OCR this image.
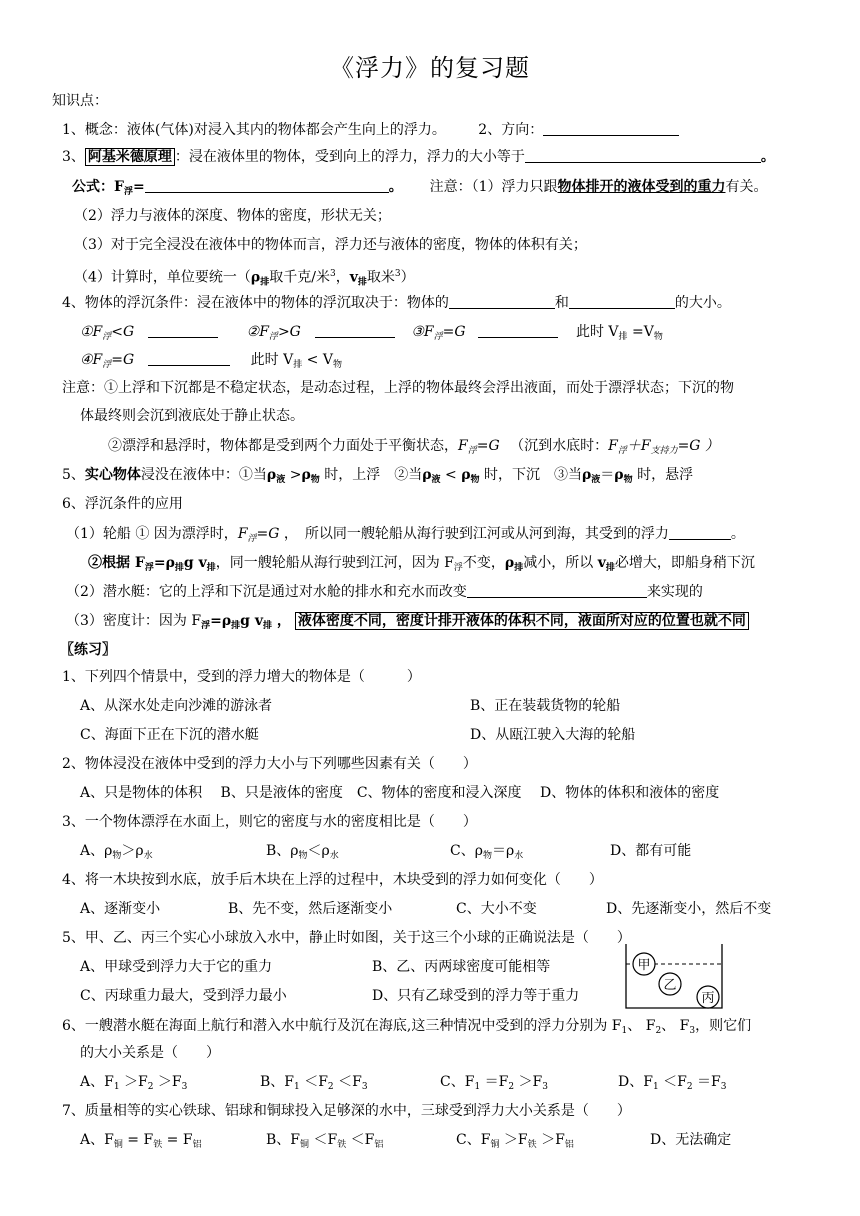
《浮力》的复习题
知识点：
1、概念：液体(气体)对浸入其内的物体都会产生向上的浮力。 2、方向：
3、 阿基米德原理 ：浸在液体里的物体，受到向上的浮力，浮力的大小等于	。
公式：$F_浮=$	。 注意：（1）浮力只跟物体排开的液体受到的重力有关。
（2）浮力与液体的深度、物体的密度，形状无关；
（3）对于完全浸没在液体中的物体而言，浮力还与液体的密度，物体的体积有关；
（4）计算时，单位要统一（$\rho_排$取千克/米$^3$，$v_排$取米$^3$）
4、物体的浮沉条件：浸在液体中的物体的浮沉取决于：物体的	和	的大小。
$①F_浮<G$	$②F_浮>G$	$③F_浮=G$	此时 $V_排 =V_物$
$④F_浮=G$	此时 $V_排 < V_物$
注意：①上浮和下沉都是不稳定状态，是动态过程，上浮的物体最终会浮出液面，而处于漂浮状态；下沉的物
体最终则会沉到液底处于静止状态。
②漂浮和悬浮时，物体都是受到两个力面处于平衡状态，$F_浮=G$ （沉到水底时：$F_浮+F_{支持力}=G$ ）
5、实心物体浸没在液体中：①当$\rho_液 >\rho_物$ 时，上浮　②当$\rho_液 < \rho_物$ 时，下沉　③当$\rho_液=\rho_物$ 时，悬浮
6、浮沉条件的应用
（1）轮船 ① 因为漂浮时，$F_浮=G$ ，　所以同一艘轮船从海行驶到江河或从河到海，其受到的浮力	。
②根据 $F_浮=\rho_排g$ $v_排$，同一艘轮船从海行驶到江河，因为 $F_浮$不变，$\rho_排$减小，所以 $v_排$必增大，即船身稍下沉
（2）潜水艇：它的上浮和下沉是通过对水舱的排水和充水而改变	来实现的
（3）密度计：因为 $F_浮=\rho_排g$ $v_排$ ， 液体密度不同，密度计排开液体的体积不同，液面所对应的位置也就不同
〖练习〗
1、下列四个情景中，受到的浮力增大的物体是（　　　）
A、从深水处走向沙滩的游泳者	B、正在装载货物的轮船
C、海面下正在下沉的潜水艇	D、从瓯江驶入大海的轮船
2、物体浸没在液体中受到的浮力大小与下列哪些因素有关（　　）
A、只是物体的体积　 B、只是液体的密度　C、物体的密度和浸入深度　 D、物体的体积和液体的密度
3、一个物体漂浮在水面上，则它的密度与水的密度相比是（　　）
A、$\rho_物>\rho_水$	B、$\rho_物<\rho_水$	C、$\rho_物=\rho_水$	D、都有可能
4、将一木块按到水底，放手后木块在上浮的过程中，木块受到的浮力如何变化（　　）
A、逐渐变小	B、先不变，然后逐渐变小	C、大小不变	D、先逐渐变小，然后不变
5、甲、乙、丙三个实心小球放入水中，静止时如图，关于这三个小球的正确说法是（　　）
A、甲球受到浮力大于它的重力	B、乙、丙两球密度可能相等
C、丙球重力最大，受到浮力最小	D、只有乙球受到的浮力等于重力
甲
乙
丙
6、一艘潜水艇在海面上航行和潜入水中航行及沉在海底,这三种情况中受到的浮力分别为 $F_1$、 $F_2$、 $F_3$，则它们
的大小关系是（　　）
A、$F_1 >F_2 >F_3$	B、$F_1 <F_2 <F_3$	C、$F_1 =F_2 >F_3$	D、$F_1 <F_2 =F_3$
7、质量相等的实心铁球、铝球和铜球投入足够深的水中，三球受到浮力大小关系是（　　）
A、$F_铜 = F_铁 = F_铝$	B、$F_铜 <F_铁 <F_铝$	C、$F_铜 >F_铁 >F_铝$	D、无法确定
